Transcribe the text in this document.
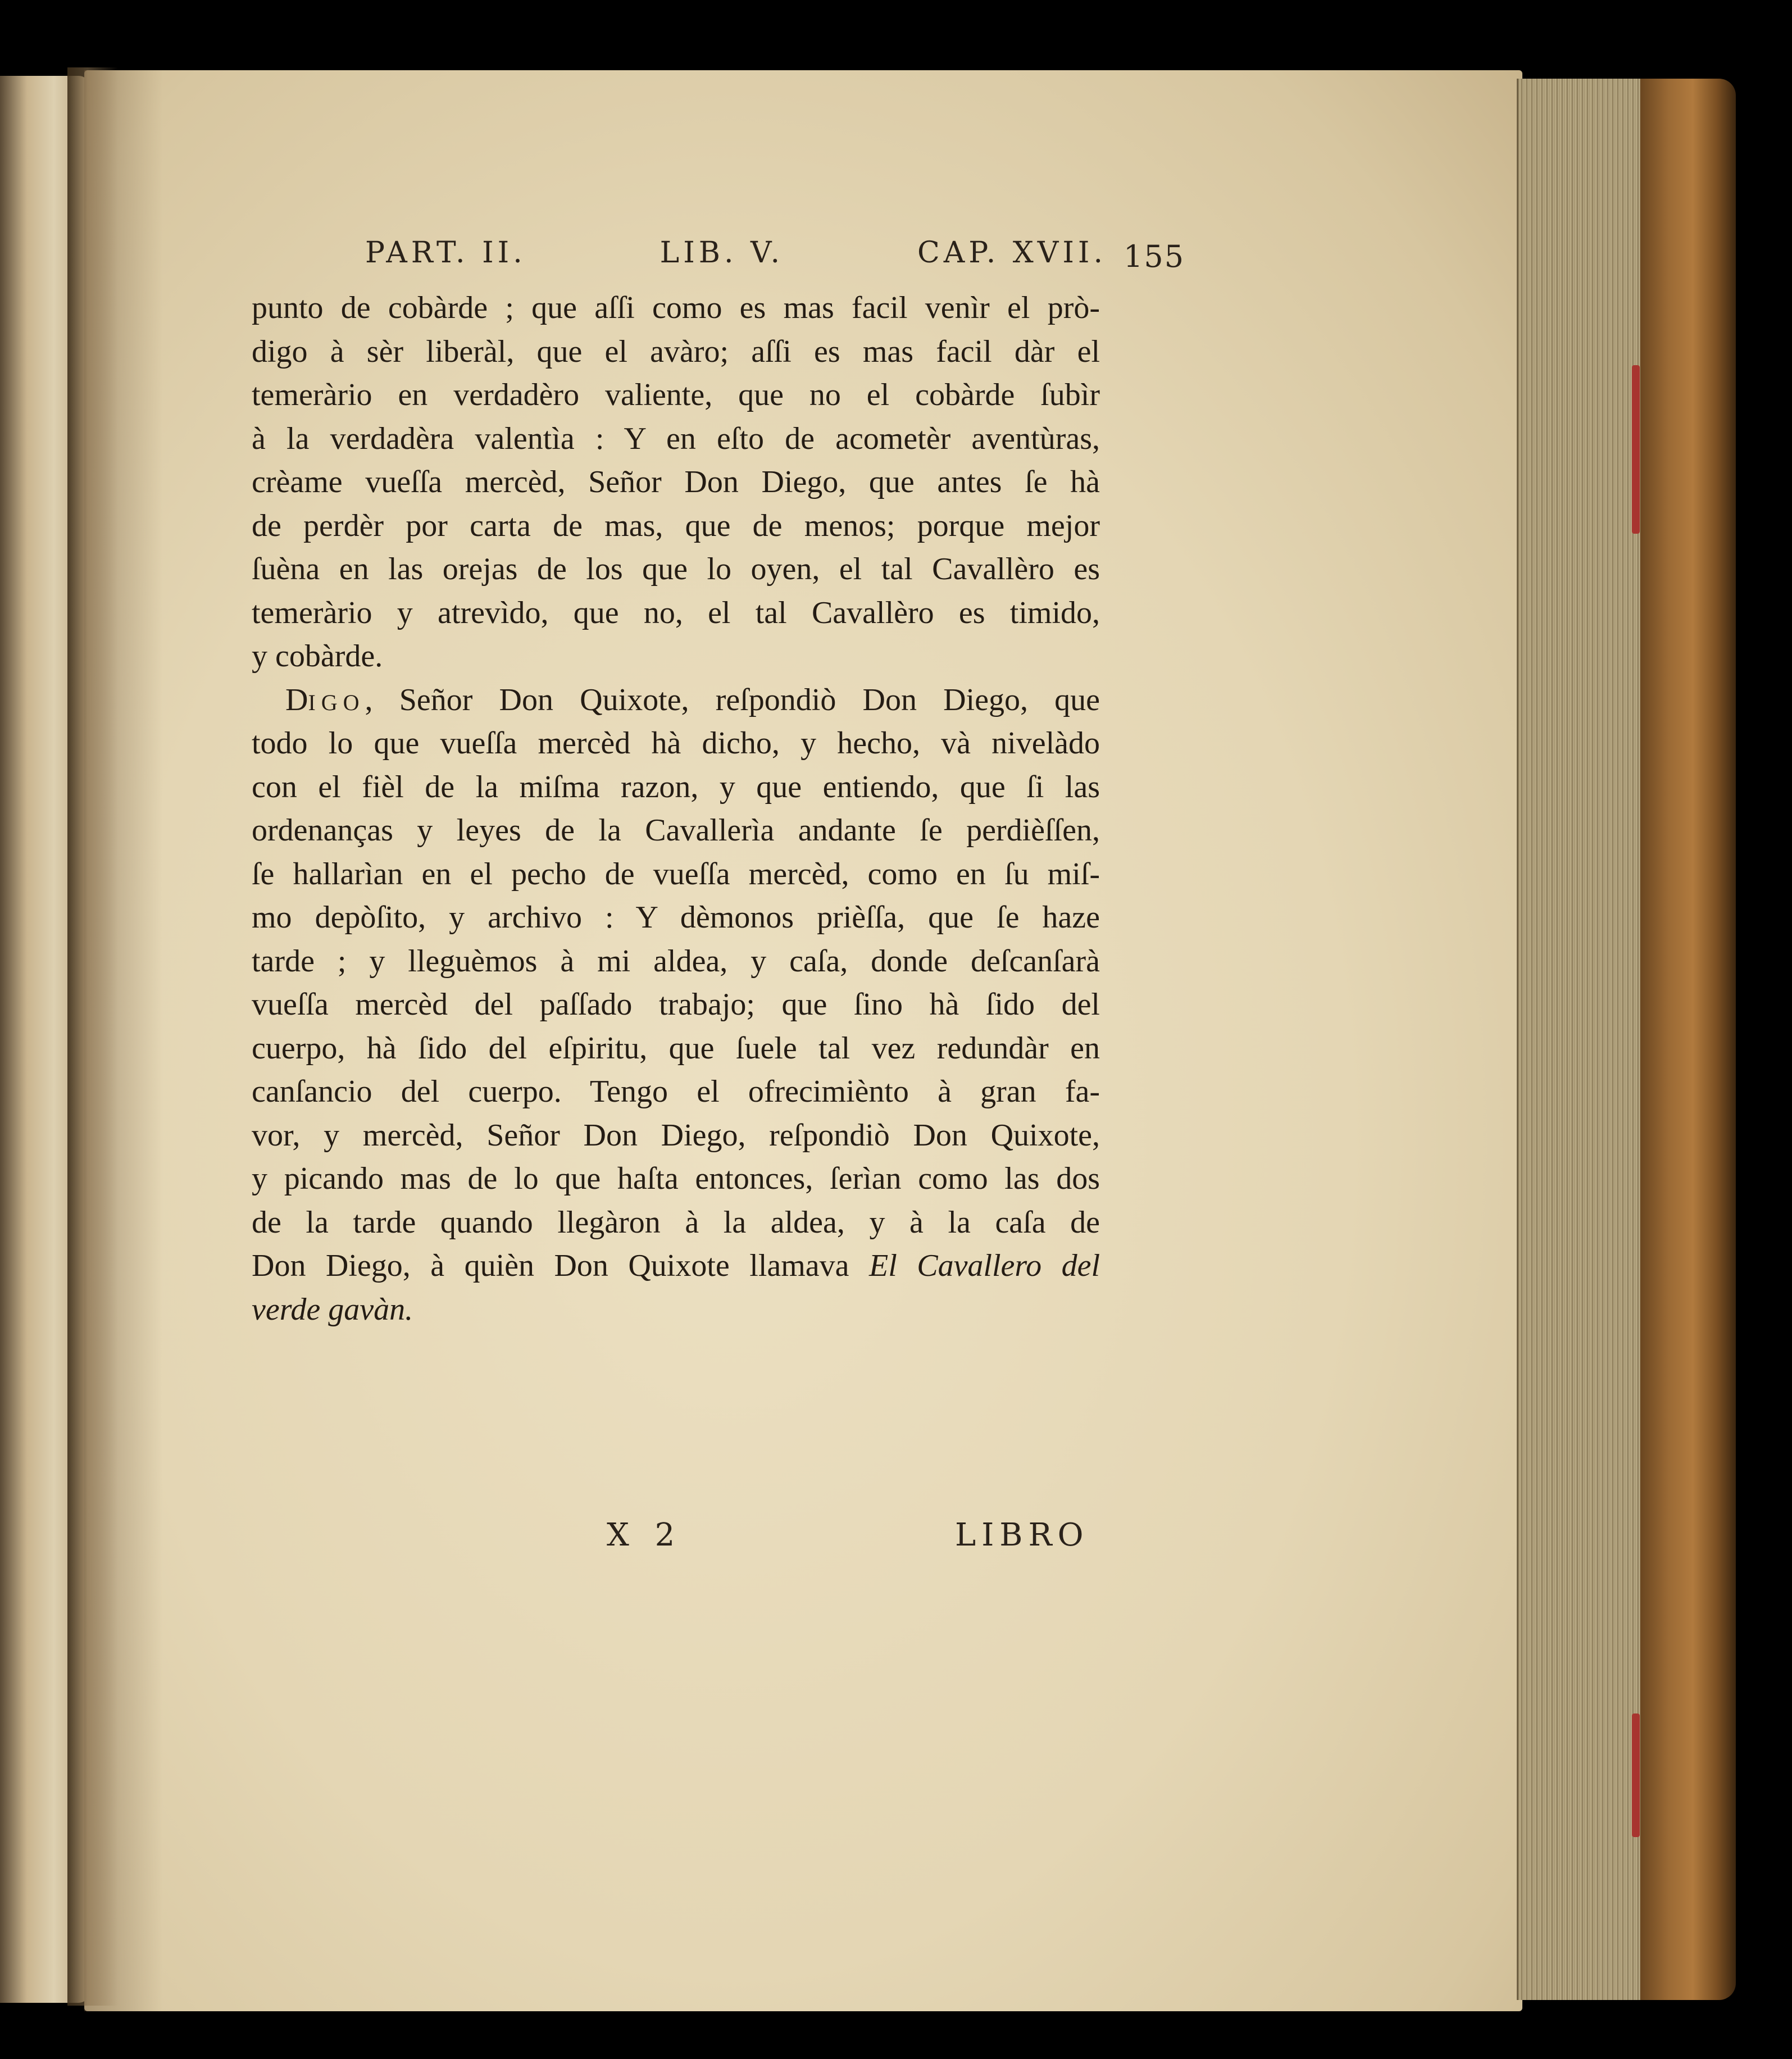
PART. II.	LIB. V.	CAP. XVII. 155
punto de cobàrde ; que aſſi como es mas facil venìr el prò-
digo à sèr liberàl, que el avàro; aſſi es mas facil dàr el
temeràrio en verdadèro valiente, que no el cobàrde ſubìr
à la verdadèra valentìa : Y en eſto de acometèr aventùras,
crèame vueſſa mercèd, Señor Don Diego, que antes ſe hà
de perdèr por carta de mas, que de menos; porque mejor
ſuèna en las orejas de los que lo oyen, el tal Cavallèro es
temeràrio y atrevìdo, que no, el tal Cavallèro es timido,
y cobàrde.
DIGO, Señor Don Quixote, reſpondiò Don Diego, que
todo lo que vueſſa mercèd hà dicho, y hecho, và nivelàdo
con el fièl de la miſma razon, y que entiendo, que ſi las
ordenanças y leyes de la Cavallerìa andante ſe perdièſſen,
ſe hallarìan en el pecho de vueſſa mercèd, como en ſu miſ-
mo depòſito, y archivo : Y dèmonos prièſſa, que ſe haze
tarde ; y lleguèmos à mi aldea, y caſa, donde deſcanſarà
vueſſa mercèd del paſſado trabajo; que ſino hà ſido del
cuerpo, hà ſido del eſpiritu, que ſuele tal vez redundàr en
canſancio del cuerpo. Tengo el ofrecimiènto à gran fa-
vor, y mercèd, Señor Don Diego, reſpondiò Don Quixote,
y picando mas de lo que haſta entonces, ſerìan como las dos
de la tarde quando llegàron à la aldea, y à la caſa de
Don Diego, à quièn Don Quixote llamava El Cavallero del
verde gavàn.
X 2	LIBRO
